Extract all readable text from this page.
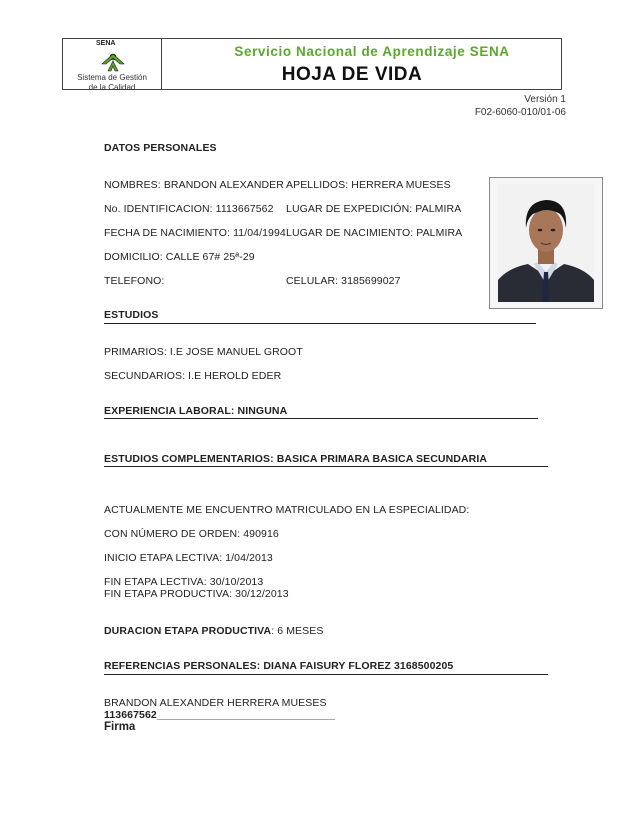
SENA
Sistema de Gestión
de la Calidad
Servicio Nacional de Aprendizaje SENA
HOJA DE VIDA
Versión 1
F02-6060-010/01-06
DATOS PERSONALES
NOMBRES: BRANDON ALEXANDER APELLIDOS: HERRERA MUESES
No. IDENTIFICACION: 1113667562 LUGAR DE EXPEDICIÓN: PALMIRA
FECHA DE NACIMIENTO: 11/04/1994 LUGAR DE NACIMIENTO: PALMIRA
DOMICILIO: CALLE 67# 25ª-29
TELEFONO:	CELULAR: 3185699027
ESTUDIOS
PRIMARIOS: I.E JOSE MANUEL GROOT
SECUNDARIOS: I.E HEROLD EDER
EXPERIENCIA LABORAL: NINGUNA
ESTUDIOS COMPLEMENTARIOS: BASICA PRIMARA BASICA SECUNDARIA
ACTUALMENTE ME ENCUENTRO MATRICULADO EN LA ESPECIALIDAD:
CON NÚMERO DE ORDEN: 490916
INICIO ETAPA LECTIVA: 1/04/2013
FIN ETAPA LECTIVA: 30/10/2013
FIN ETAPA PRODUCTIVA: 30/12/2013
DURACION ETAPA PRODUCTIVA: 6 MESES
REFERENCIAS PERSONALES: DIANA FAISURY FLOREZ 3168500205
BRANDON ALEXANDER HERRERA MUESES
113667562______________________________
Firma
